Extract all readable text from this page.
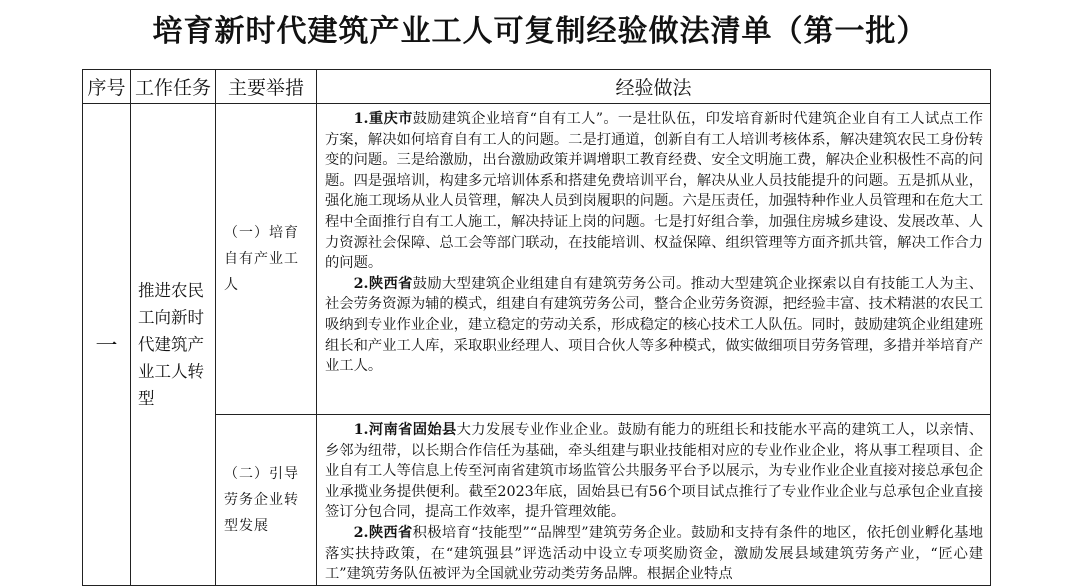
培育新时代建筑产业工人可复制经验做法清单（第一批）
序号	工作任务	主要举措	经验做法
一	推进农民工向新时代建筑产业工人转型	（一）培育自有产业工人	1.重庆市鼓励建筑企业培育“自有工人”。一是壮队伍，印发培育新时代建筑企业自有工人试点工作方案，解决如何培育自有工人的问题。二是打通道，创新自有工人培训考核体系，解决建筑农民工身份转变的问题。三是给激励，出台激励政策并调增职工教育经费、安全文明施工费，解决企业积极性不高的问题。四是强培训，构建多元培训体系和搭建免费培训平台，解决从业人员技能提升的问题。五是抓从业，强化施工现场从业人员管理，解决人员到岗履职的问题。六是压责任，加强特种作业人员管理和在危大工程中全面推行自有工人施工，解决持证上岗的问题。七是打好组合拳，加强住房城乡建设、发展改革、人力资源社会保障、总工会等部门联动，在技能培训、权益保障、组织管理等方面齐抓共管，解决工作合力的问题。

2.陕西省鼓励大型建筑企业组建自有建筑劳务公司。推动大型建筑企业探索以自有技能工人为主、社会劳务资源为辅的模式，组建自有建筑劳务公司，整合企业劳务资源，把经验丰富、技术精湛的农民工吸纳到专业作业企业，建立稳定的劳动关系，形成稳定的核心技术工人队伍。同时，鼓励建筑企业组建班组长和产业工人库，采取职业经理人、项目合伙人等多种模式，做实做细项目劳务管理，多措并举培育产业工人。

		（二）引导劳务企业转型发展	1.河南省固始县大力发展专业作业企业。鼓励有能力的班组长和技能水平高的建筑工人，以亲情、乡邻为纽带，以长期合作信任为基础，牵头组建与职业技能相对应的专业作业企业，将从事工程项目、企业自有工人等信息上传至河南省建筑市场监管公共服务平台予以展示，为专业作业企业直接对接总承包企业承揽业务提供便利。截至2023年底，固始县已有56个项目试点推行了专业作业企业与总承包企业直接签订分包合同，提高工作效率，提升管理效能。

2.陕西省积极培育“技能型”“品牌型”建筑劳务企业。鼓励和支持有条件的地区，依托创业孵化基地落实扶持政策，在“建筑强县”评选活动中设立专项奖励资金，激励发展县域建筑劳务产业，“匠心建工”建筑劳务队伍被评为全国就业劳动类劳务品牌。根据企业特点
